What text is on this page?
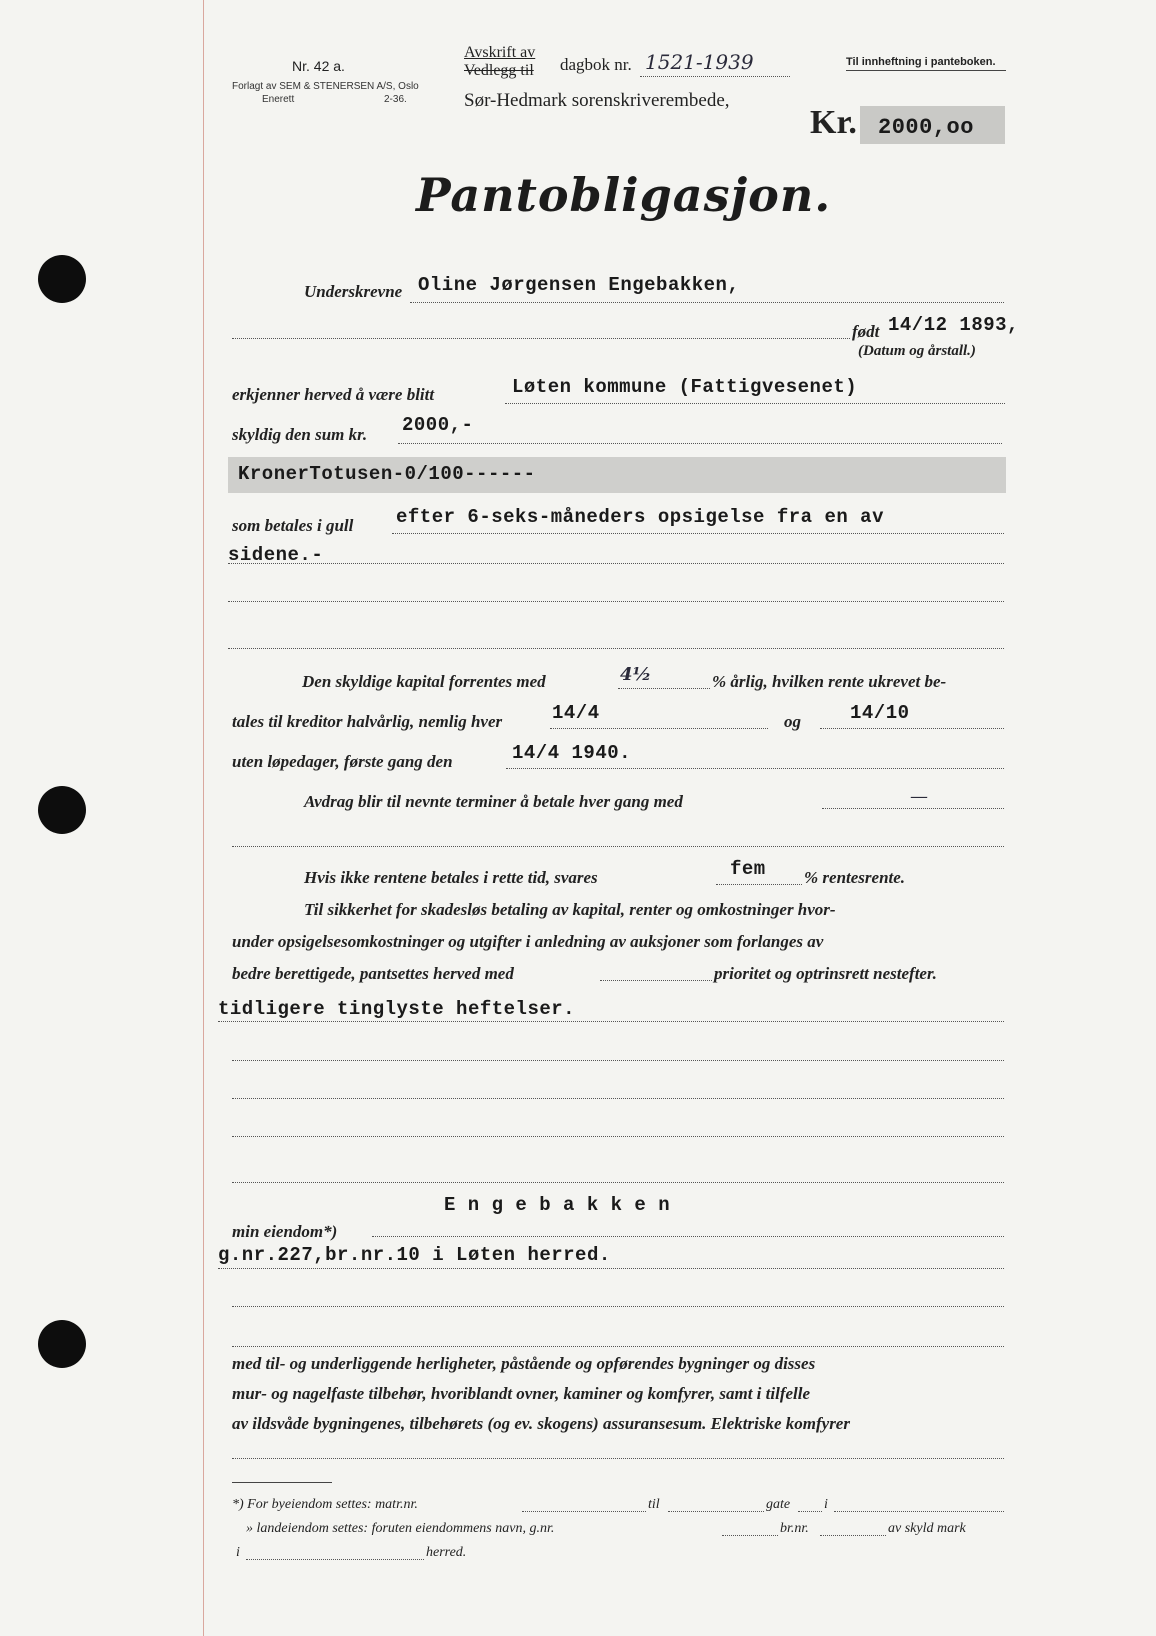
Nr. 42 a.
Forlagt av SEM & STENERSEN A/S, Oslo
Enerett	2-36.
Avskrift av
Vedlegg til dagbok nr. 1521-1939
Sør-Hedmark sorenskriverembede,
Til innheftning i panteboken.
Kr. 2000,oo
Pantobligasjon.
Underskrevne Oline Jørgensen Engebakken,
født 14/12 1893,
(Datum og årstall.)
erkjenner herved å være blitt	Løten kommune (Fattigvesenet)
skyldig den sum kr. 2000,-
KronerTotusen-0/100------
som betales i gull efter 6-seks-måneders opsigelse fra en av
sidene.-
Den skyldige kapital forrentes med	4½	% årlig, hvilken rente ukrevet be-
tales til kreditor halvårlig, nemlig hver	14/4	og	14/10
uten løpedager, første gang den	14/4 1940.
Avdrag blir til nevnte terminer å betale hver gang med	—
Hvis ikke rentene betales i rette tid, svares	fem % rentesrente.
Til sikkerhet for skadesløs betaling av kapital, renter og omkostninger hvor-
under opsigelsesomkostninger og utgifter i anledning av auksjoner som forlanges av
bedre berettigede, pantsettes herved med	prioritet og optrinsrett nestefter.
tidligere tinglyste heftelser.
E n g e b a k k e n
min eiendom*)
g.nr.227,br.nr.10 i Løten herred.
med til- og underliggende herligheter, påstående og opførendes bygninger og disses
mur- og nagelfaste tilbehør, hvoriblandt ovner, kaminer og komfyrer, samt i tilfelle
av ildsvåde bygningenes, tilbehørets (og ev. skogens) assuransesum. Elektriske komfyrer
*) For byeiendom settes: matr.nr.	til	gate i
» landeiendom settes: foruten eiendommens navn, g.nr.	br.nr.	av skyld mark
i	herred.
